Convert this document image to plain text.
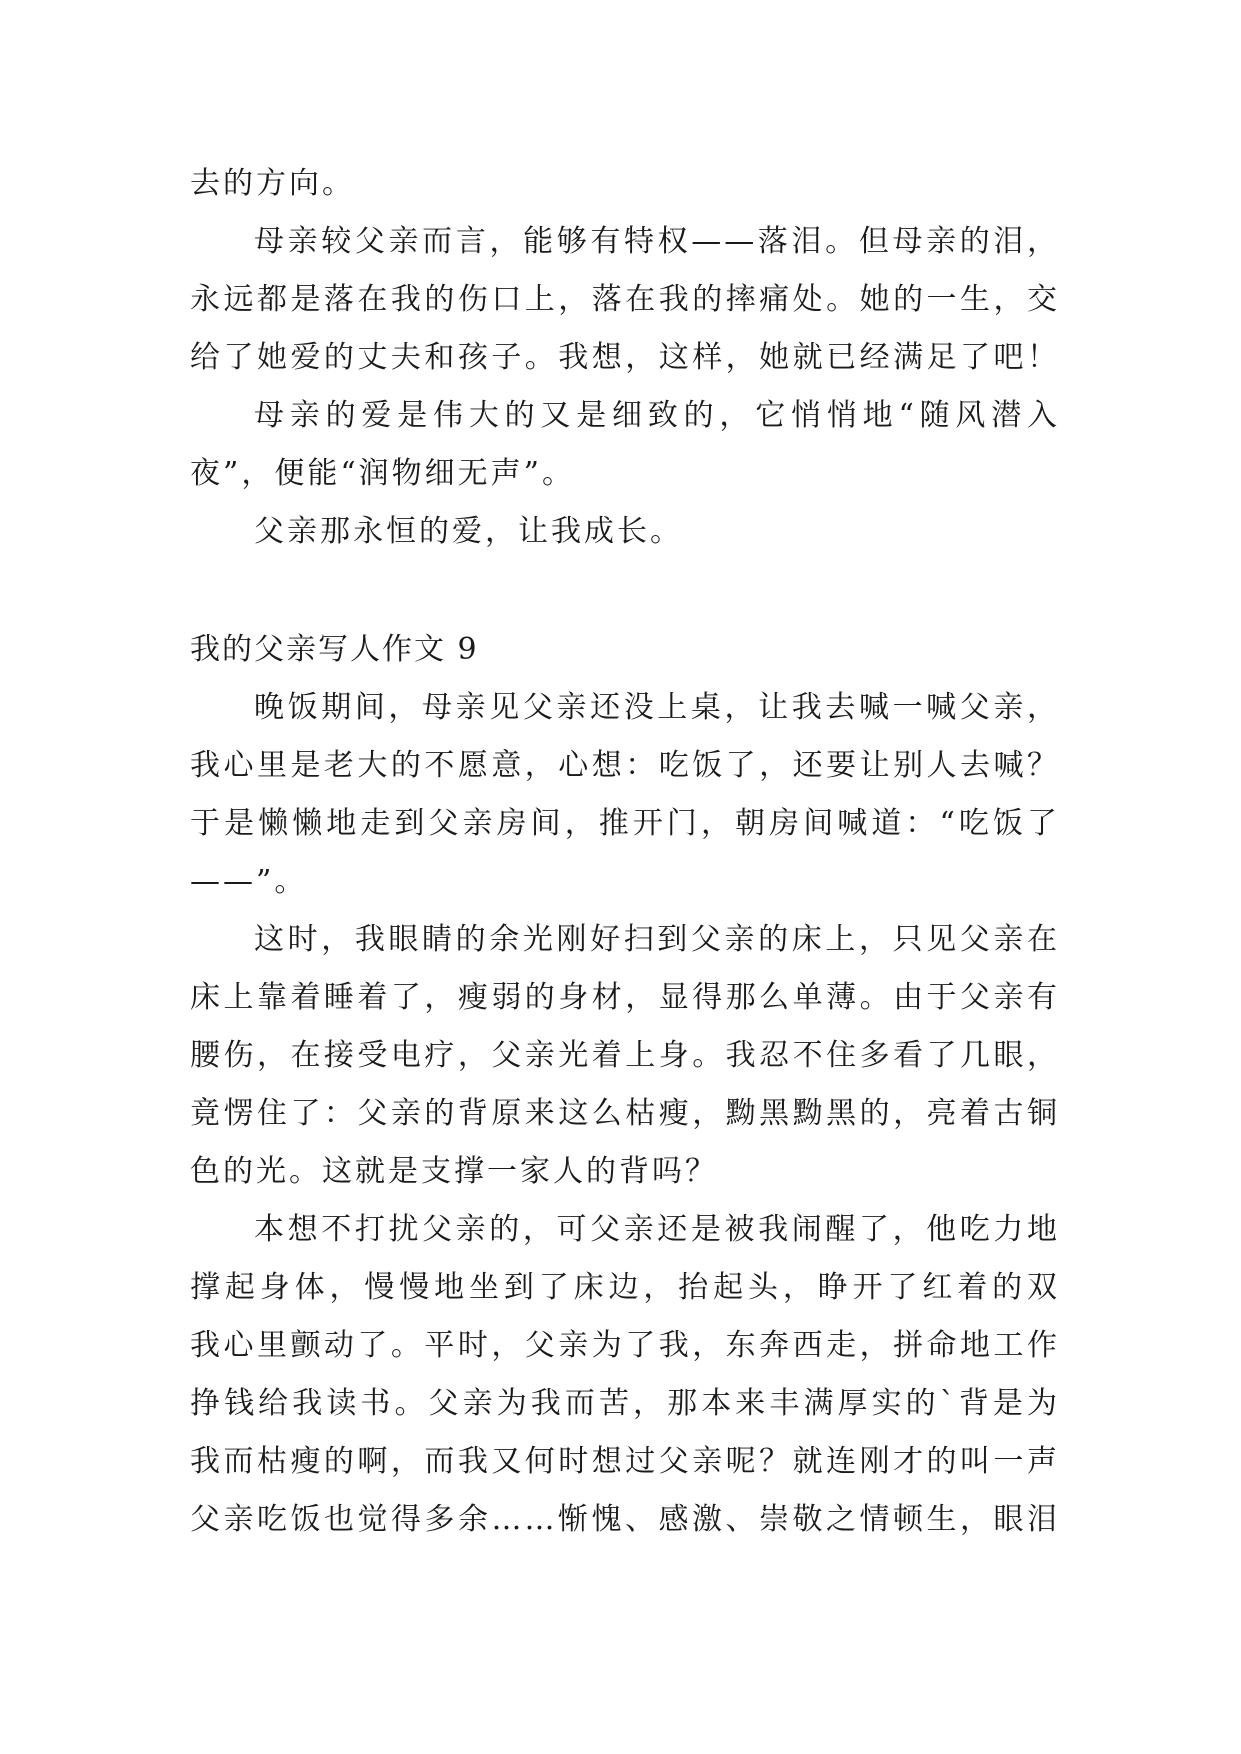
去的方向。
母亲较父亲而言，能够有特权——落泪。但母亲的泪，
永远都是落在我的伤口上，落在我的摔痛处。她的一生，交
给了她爱的丈夫和孩子。我想，这样，她就已经满足了吧！
母亲的爱是伟大的又是细致的，它悄悄地“随风潜入
夜”，便能“润物细无声”。
父亲那永恒的爱，让我成长。
我的父亲写人作文 9
晚饭期间，母亲见父亲还没上桌，让我去喊一喊父亲，
我心里是老大的不愿意，心想：吃饭了，还要让别人去喊？
于是懒懒地走到父亲房间，推开门，朝房间喊道：“吃饭了
——”。
这时，我眼睛的余光刚好扫到父亲的床上，只见父亲在
床上靠着睡着了，瘦弱的身材，显得那么单薄。由于父亲有
腰伤，在接受电疗，父亲光着上身。我忍不住多看了几眼，
竟愣住了：父亲的背原来这么枯瘦，黝黑黝黑的，亮着古铜
色的光。这就是支撑一家人的背吗？
本想不打扰父亲的，可父亲还是被我闹醒了，他吃力地
撑起身体，慢慢地坐到了床边，抬起头，睁开了红着的双
我心里颤动了。平时，父亲为了我，东奔西走，拼命地工作
挣钱给我读书。父亲为我而苦，那本来丰满厚实的`背是为
我而枯瘦的啊，而我又何时想过父亲呢？就连刚才的叫一声
父亲吃饭也觉得多余……惭愧、感激、崇敬之情顿生，眼泪
